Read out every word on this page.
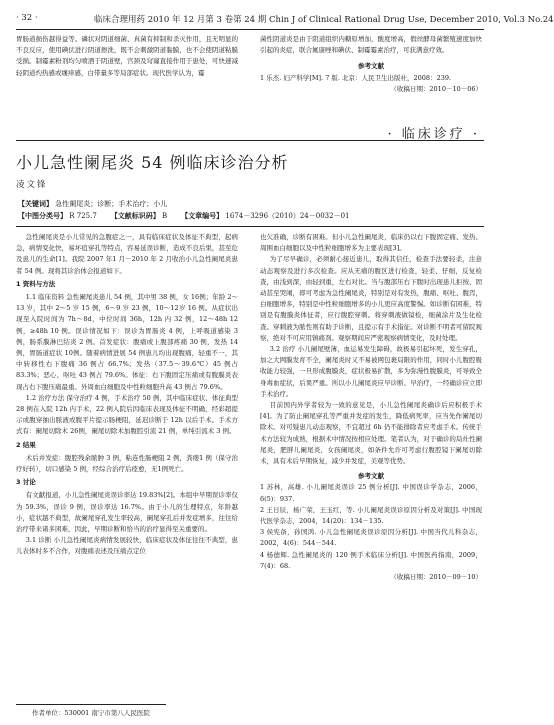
· 32 ·	临床合理用药 2010 年 12 月第 3 卷第 24 期 Chin J of Clinical Rational Drug Use, December 2010, Vol.3 No.24

胃肠道损伤越得益等。磷状对阴道细菌、真菌有抑制和杀灭作用，且无明显的不良反应，使用碘伏进行阴道擦洗，既不会刺激阴道黏膜，也不会使阴道粘膜受损。制霉素粉剂均匀喷洒于阴道壁，宫颈及穹窿直接作用于患处，可快速减轻阴道灼热感或瘙痒感，白带量多等局部症状。现代医学认为，霉

菌性阴道炎是由于阴道组织内糖原增加，酸度增高，假丝酵母菌繁殖速度加快引起的炎症，联合氟康唑和碘伏、制霉霉素治疗，可获满意疗效。

参考文献
1 乐杰. 妇产科学[M]. 7 版. 北京：人民卫生出版社，2008：239.
（收稿日期：2010－10－06）
· 临床诊疗 ·
小儿急性阑尾炎 54 例临床诊治分析
凌文锋
【关键词】 急性阑尾炎；诊断；手术治疗；小儿
【中图分类号】 R 725.7 【文献标识码】 B 【文章编号】 1674－3296（2010）24－0032－01

急性阑尾炎是小儿常见的急腹症之一，具有临床症状及体征不典型，起病急，病情变化快，易坏疽穿孔等特点，容易延误诊断，造成不良后果，甚至危及患儿的生命[1]。我院 2007 年1 月－2010 年 2 月收治小儿急性阑尾炎患者 54 例。现将其诊治体会报道如下。

1 资料与方法

1.1 临床资料 急性阑尾炎患儿 54 例，其中男 38 例，女 16例；年龄 2～13 岁，其中 2～5 岁 15 例，6～9 岁 23 例，10～12岁 16 例。从症状出现至入院时间为 7h～8d，中位时间 36h，12h 内 32 例，12～48h 12 例，≥48h 10 例。误诊情况如下：误诊为胃肠炎 4 例，上呼吸道感染 3 例，肠系膜淋巴结炎 2 例。首发症状：腹痛或上腹部疼痛 30 例，发热 14 例，胃肠道症状 10例。随着病情进展 54 例患儿均出现腹痛，轻重不一，其中转移性右下腹痛 36 例占 66.7%；发热（37.5～39.6℃）45 例占83.3%；恶心、呕吐 43 例占 79.6%。体征：右下腹固定压痛或有腹膜炎表现占右下腹压痛最重。外周血白细胞及中性粒细胞升高 43 例占 79.6%。

1.2 治疗方法 保守治疗 4 例，手术治疗 50 例，其中临床症状、体征典型 28 例在入院 12h 内手术，22 例入院后因临床表现及体征不明确，经彩超提示或腹穿抽出脓液或腹平片提示肠梗阻，延迟诊断于 12h 以后手术。手术方式有：阑尾切除术 26例，阑尾切除术加腹腔引流 21 例，单纯引流术 3 例。

2 结果

术后并发症：腹腔残余脓肿 3 例，粘连性肠梗阻 2 例，粪瘘1 例（保守治疗好转），切口感染 5 例，经综合治疗后痊愈，无1例死亡。

3 讨论

有文献报道，小儿急性阑尾炎误诊率达 19.83%[2]。本组中早期误诊率仅为 59.3%，误诊 9 例，误诊率达 16.7%。由于小儿的生理特点，年龄越小，症状越不典型，故阑尾穿孔发生率较高，阑尾穿孔后并发症增多，往往给治疗带来诸多困难，因此，早期诊断和恰当的治疗显得至关重要的。

3.1 诊断 小儿急性阑尾炎病情发展较快，临床症状及体征往往不典型，患儿表体时多不合作，对腹痛表述及压痛点定位

也欠准确，诊断有困难。但小儿急性阑尾炎，临床仍以右下腹固定痛、发热、周围血白细胞以及中性粒细胞增多为主要表现[3]。

为了尽早确诊，必须耐心接近患儿，取得其信任，检查手法要轻柔，注意动态观察及进行多次检查。应从无痛的腹区进行检查，轻柔、仔细，反复检查，由浅到深，由轻到重，左右对比。当与腹部压右下腹时出现患儿拒按、固动甚至哭闹，即可考虑为急性阑尾炎，特别是对有发热，腹痛、呕吐、腹泻，白细胞增多，特别是中性粒细胞增多的小儿更应高度警惕。如诊断有困难，特别是有腹膜炎体征者，应行腹腔穿刺。将穿刺液做镜检，细菌涂片及生化检查。穿刺液为脓性则有助于诊断，且提示有手术指征。对诊断不明者可留院观察，绝对不可应用镇痛剂。观察期间应严密观察病情变化，及时处理。

3.2 治疗 小儿阑尾壁薄，血运易发生障碍，故极易引起坏死，发生穿孔，加之大网膜发育不全，阑尾炎时又不易被网包裹局限的作用，同时小儿腹腔吸收能力较强，一旦形成腹膜炎，症状极易扩散，多为弥漫性腹膜炎，可导致全身毒血症状，后果严重。所以小儿阑尾炎应早诊断、早治疗，一经确诊应立即手术治疗。

目前国内外学者较为一致的意见是，小儿急性阑尾炎确诊后应积极手术[4]。为了防止阑尾穿孔等严重并发症的发生，降低病死率，应当先作阑尾切除术。对可疑患儿动态观察，不宜超过 6h 仍不能排除者应考虑手术。传统手术方法较为成熟，根据术中情况按相应处理。笔者认为，对于确诊的局灶性阑尾炎，肥胖儿阑尾炎，女孩阑尾炎，如条件允许可考虑行腹腔镜下阑尾切除术，具有术后早期恢复，减少并发症，美观等优势。

参考文献
1 苏林，高雄. 小儿阑尾炎误诊 25 例分析[J]. 中国误诊学杂志，2006，6(5)：937.
2 王日辰，杨广荣，王玉红，等. 小儿阑尾炎误诊原因分析及对策[J]. 中国现代医学杂志，2004，14(20)：134－135.
3 侯宪备，孙国鸿. 小儿急性阑尾炎误诊原因分析[J]. 中国当代儿科杂志，2002，4(6)：544－544.
4 杨德辉. 急性阑尾炎的 120 例手术临床分析[J]. 中国医药指南，2009，7(4)：68.
（收稿日期：2010－09－10）
作者单位：530001 南宁市第八人民医院
